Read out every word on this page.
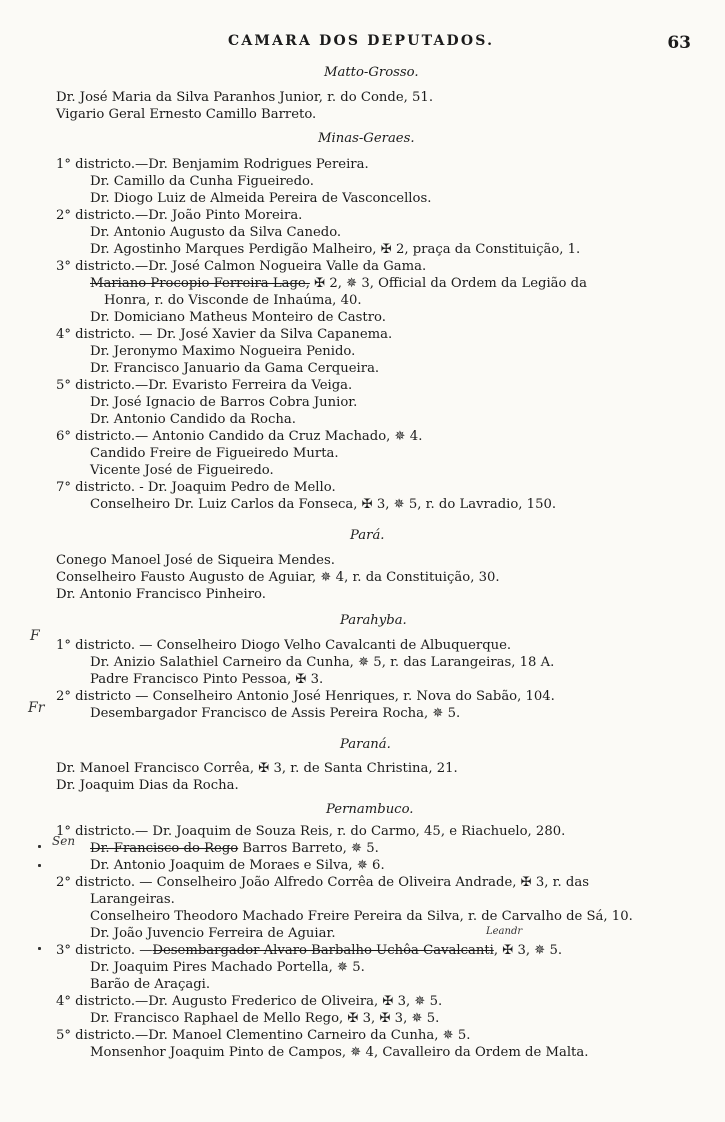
CAMARA DOS DEPUTADOS.	63
Matto-Grosso.
Dr. José Maria da Silva Paranhos Junior, r. do Conde, 51.
Vigario Geral Ernesto Camillo Barreto.
Minas-Geraes.
1° districto.—Dr. Benjamim Rodrigues Pereira.
Dr. Camillo da Cunha Figueiredo.
Dr. Diogo Luiz de Almeida Pereira de Vasconcellos.
2° districto.—Dr. João Pinto Moreira.
Dr. Antonio Augusto da Silva Canedo.
Dr. Agostinho Marques Perdigão Malheiro, ✠ 2, praça da Constituição, 1.
3° districto.—Dr. José Calmon Nogueira Valle da Gama.
Mariano Procopio Ferreira Lage, ✠ 2, ✵ 3, Official da Ordem da Legião da
Honra, r. do Visconde de Inhaúma, 40.
Dr. Domiciano Matheus Monteiro de Castro.
4° districto. — Dr. José Xavier da Silva Capanema.
Dr. Jeronymo Maximo Nogueira Penido.
Dr. Francisco Januario da Gama Cerqueira.
5° districto.—Dr. Evaristo Ferreira da Veiga.
Dr. José Ignacio de Barros Cobra Junior.
Dr. Antonio Candido da Rocha.
6° districto.— Antonio Candido da Cruz Machado, ✵ 4.
Candido Freire de Figueiredo Murta.
Vicente José de Figueiredo.
7° districto. - Dr. Joaquim Pedro de Mello.
Conselheiro Dr. Luiz Carlos da Fonseca, ✠ 3, ✵ 5, r. do Lavradio, 150.
Pará.
Conego Manoel José de Siqueira Mendes.
Conselheiro Fausto Augusto de Aguiar, ✵ 4, r. da Constituição, 30.
Dr. Antonio Francisco Pinheiro.
Parahyba.
1° districto. — Conselheiro Diogo Velho Cavalcanti de Albuquerque.
Dr. Anizio Salathiel Carneiro da Cunha, ✵ 5, r. das Larangeiras, 18 A.
Padre Francisco Pinto Pessoa, ✠ 3.
2° districto — Conselheiro Antonio José Henriques, r. Nova do Sabão, 104.
Desembargador Francisco de Assis Pereira Rocha, ✵ 5.
Paraná.
Dr. Manoel Francisco Corrêa, ✠ 3, r. de Santa Christina, 21.
Dr. Joaquim Dias da Rocha.
Pernambuco.
1° districto.— Dr. Joaquim de Souza Reis, r. do Carmo, 45, e Riachuelo, 280.
Dr. Francisco do Rego Barros Barreto, ✵ 5.
Dr. Antonio Joaquim de Moraes e Silva, ✵ 6.
2° districto. — Conselheiro João Alfredo Corrêa de Oliveira Andrade, ✠ 3, r. das
Larangeiras.
Conselheiro Theodoro Machado Freire Pereira da Silva, r. de Carvalho de Sá, 10.
Dr. João Juvencio Ferreira de Aguiar.
3° districto. —Desembargador Alvaro Barbalho Uchôa Cavalcanti, ✠ 3, ✵ 5.
Dr. Joaquim Pires Machado Portella, ✵ 5.
Barão de Araçagi.
4° districto.—Dr. Augusto Frederico de Oliveira, ✠ 3, ✵ 5.
Dr. Francisco Raphael de Mello Rego, ✠ 3, ✠ 3, ✵ 5.
5° districto.—Dr. Manoel Clementino Carneiro da Cunha, ✵ 5.
Monsenhor Joaquim Pinto de Campos, ✵ 4, Cavalleiro da Ordem de Malta.
F
Fr
Sen
Leandr
